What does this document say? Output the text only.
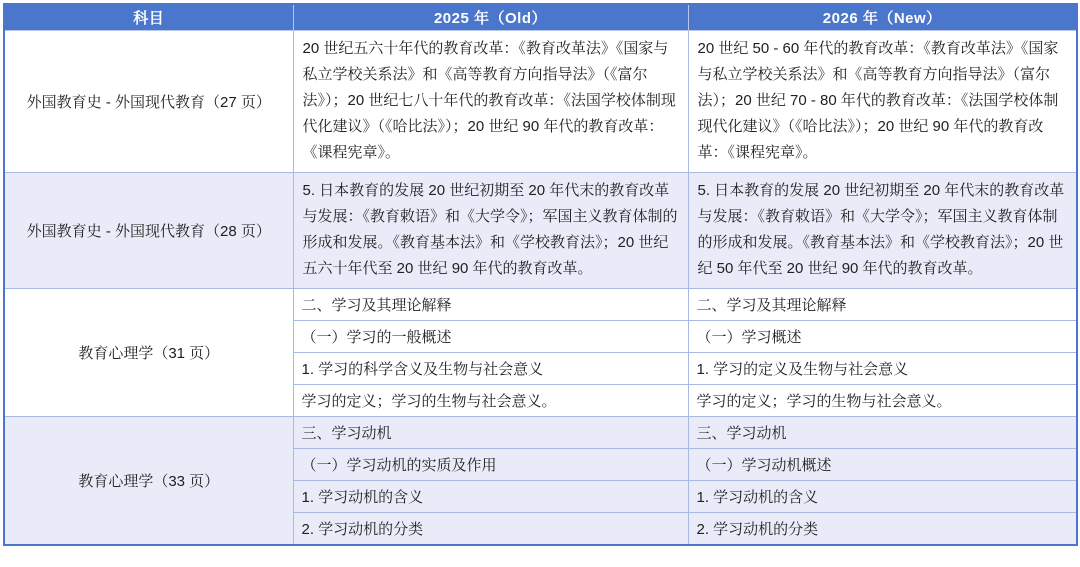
科目	2025 年（Old）	2026 年（New）
外国教育史 - 外国现代教育（27 页）	20 世纪五六十年代的教育改革：《教育改革法》《国家与私立学校关系法》和《高等教育方向指导法》（《富尔法》）；20 世纪七八十年代的教育改革：《法国学校体制现代化建议》（《哈比法》）；20 世纪 90 年代的教育改革：《课程宪章》。	20 世纪 50 - 60 年代的教育改革：《教育改革法》《国家与私立学校关系法》和《高等教育方向指导法》（富尔法）；20 世纪 70 - 80 年代的教育改革：《法国学校体制现代化建议》（《哈比法》）；20 世纪 90 年代的教育改革：《课程宪章》。
外国教育史 - 外国现代教育（28 页）	5. 日本教育的发展 20 世纪初期至 20 年代末的教育改革与发展：《教育敕语》和《大学令》；军国主义教育体制的形成和发展。《教育基本法》和《学校教育法》；20 世纪五六十年代至 20 世纪 90 年代的教育改革。	5. 日本教育的发展 20 世纪初期至 20 年代末的教育改革与发展：《教育敕语》和《大学令》；军国主义教育体制的形成和发展。《教育基本法》和《学校教育法》；20 世纪 50 年代至 20 世纪 90 年代的教育改革。
教育心理学（31 页）	二、学习及其理论解释	二、学习及其理论解释
	（一）学习的一般概述	（一）学习概述
	1. 学习的科学含义及生物与社会意义	1. 学习的定义及生物与社会意义
	学习的定义；学习的生物与社会意义。	学习的定义；学习的生物与社会意义。
教育心理学（33 页）	三、学习动机	三、学习动机
	（一）学习动机的实质及作用	（一）学习动机概述
	1. 学习动机的含义	1. 学习动机的含义
	2. 学习动机的分类	2. 学习动机的分类
